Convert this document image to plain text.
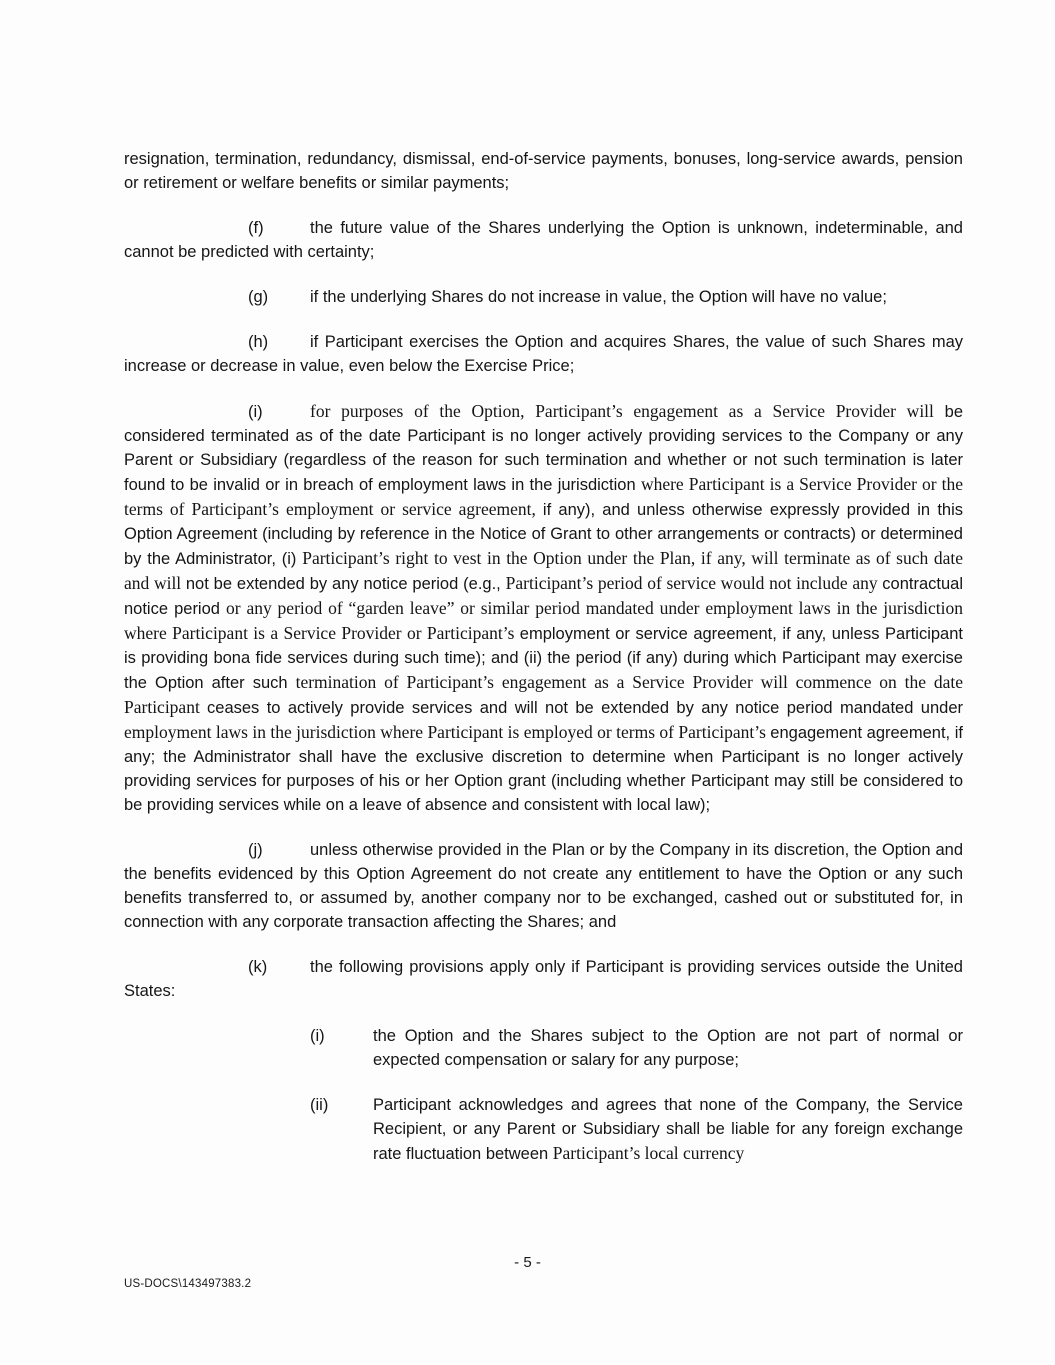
resignation, termination, redundancy, dismissal, end-of-service payments, bonuses, long-service awards, pension or retirement or welfare benefits or similar payments;

(f)	the future value of the Shares underlying the Option is unknown, indeterminable, and cannot be predicted with certainty;

(g)	if the underlying Shares do not increase in value, the Option will have no value;

(h)	if Participant exercises the Option and acquires Shares, the value of such Shares may increase or decrease in value, even below the Exercise Price;

(i)	for purposes of the Option, Participant’s engagement as a Service Provider will be considered terminated as of the date Participant is no longer actively providing services to the Company or any Parent or Subsidiary (regardless of the reason for such termination and whether or not such termination is later found to be invalid or in breach of employment laws in the jurisdiction where Participant is a Service Provider or the terms of Participant’s employment or service agreement, if any), and unless otherwise expressly provided in this Option Agreement (including by reference in the Notice of Grant to other arrangements or contracts) or determined by the Administrator, (i) Participant’s right to vest in the Option under the Plan, if any, will terminate as of such date and will not be extended by any notice period (e.g., Participant’s period of service would not include any contractual notice period or any period of “garden leave” or similar period mandated under employment laws in the jurisdiction where Participant is a Service Provider or Participant’s employment or service agreement, if any, unless Participant is providing bona fide services during such time); and (ii) the period (if any) during which Participant may exercise the Option after such termination of Participant’s engagement as a Service Provider will commence on the date Participant ceases to actively provide services and will not be extended by any notice period mandated under employment laws in the jurisdiction where Participant is employed or terms of Participant’s engagement agreement, if any; the Administrator shall have the exclusive discretion to determine when Participant is no longer actively providing services for purposes of his or her Option grant (including whether Participant may still be considered to be providing services while on a leave of absence and consistent with local law);

(j)	unless otherwise provided in the Plan or by the Company in its discretion, the Option and the benefits evidenced by this Option Agreement do not create any entitlement to have the Option or any such benefits transferred to, or assumed by, another company nor to be exchanged, cashed out or substituted for, in connection with any corporate transaction affecting the Shares; and

(k)	the following provisions apply only if Participant is providing services outside the United States:

(i)	the Option and the Shares subject to the Option are not part of normal or expected compensation or salary for any purpose;

(ii)	Participant acknowledges and agrees that none of the Company, the Service Recipient, or any Parent or Subsidiary shall be liable for any foreign exchange rate fluctuation between Participant’s local currency

- 5 -
US-DOCS\143497383.2
